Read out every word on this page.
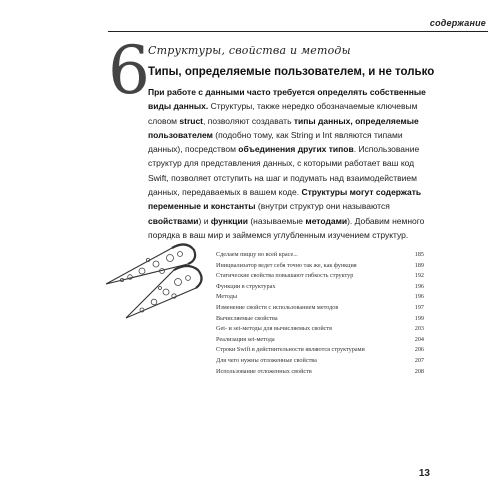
содержание
6
Структуры, свойства и методы
Типы, определяемые пользователем, и не только
При работе с данными часто требуется определять собственные виды данных. Структуры, также нередко обозначаемые ключевым словом struct, позволяют создавать типы данных, определяемые пользователем (подобно тому, как String и Int являются типами данных), посредством объединения других типов. Использование структур для представления данных, с которыми работает ваш код Swift, позволяет отступить на шаг и подумать над взаимодействием данных, передаваемых в вашем коде. Структуры могут содержать переменные и константы (внутри структур они называются свойствами) и функции (называемые методами). Добавим немного порядка в ваш мир и займемся углубленным изучением структур.
Сделаем пиццу во всей красе...	185
Инициализатор ведет себя точно так же, как функция	189
Статические свойства повышают гибкость структур	192
Функции в структурах	196
Методы	196
Изменение свойств с использованием методов	197
Вычисляемые свойства	199
Get- и set-методы для вычисляемых свойств	203
Реализация set-метода	204
Строки Swift в действительности являются структурами	206
Для чего нужны отложенные свойства	207
Использование отложенных свойств	208
13
